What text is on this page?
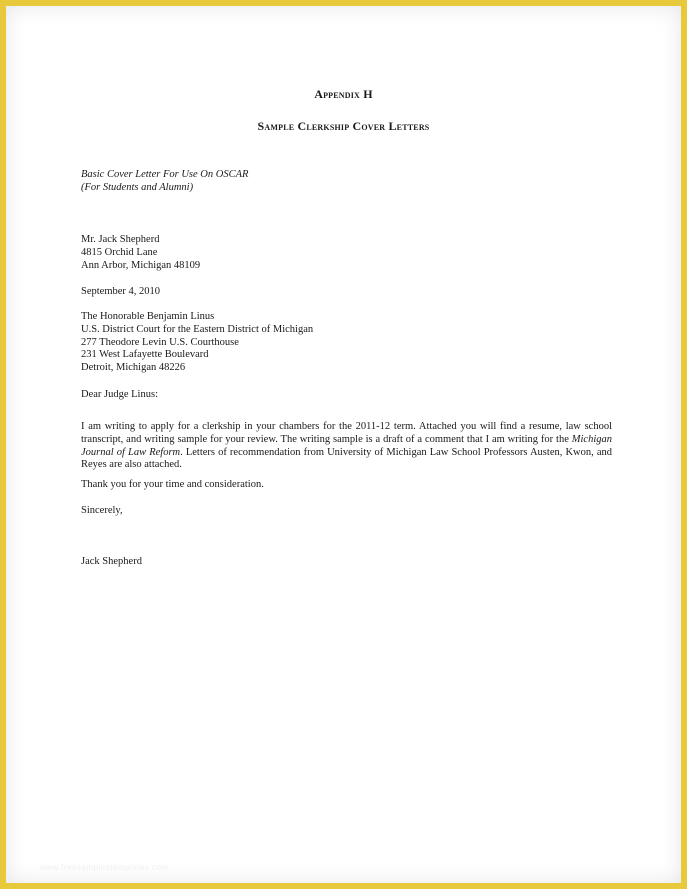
Appendix H
Sample Clerkship Cover Letters
Basic Cover Letter For Use On OSCAR
(For Students and Alumni)
Mr. Jack Shepherd
4815 Orchid Lane
Ann Arbor, Michigan 48109
September 4, 2010
The Honorable Benjamin Linus
U.S. District Court for the Eastern District of Michigan
277 Theodore Levin U.S. Courthouse
231 West Lafayette Boulevard
Detroit, Michigan 48226
Dear Judge Linus:
I am writing to apply for a clerkship in your chambers for the 2011-12 term. Attached you will find a resume, law school transcript, and writing sample for your review. The writing sample is a draft of a comment that I am writing for the Michigan Journal of Law Reform. Letters of recommendation from University of Michigan Law School Professors Austen, Kwon, and Reyes are also attached.
Thank you for your time and consideration.
Sincerely,
Jack Shepherd
www.freesamplestemplates.com
